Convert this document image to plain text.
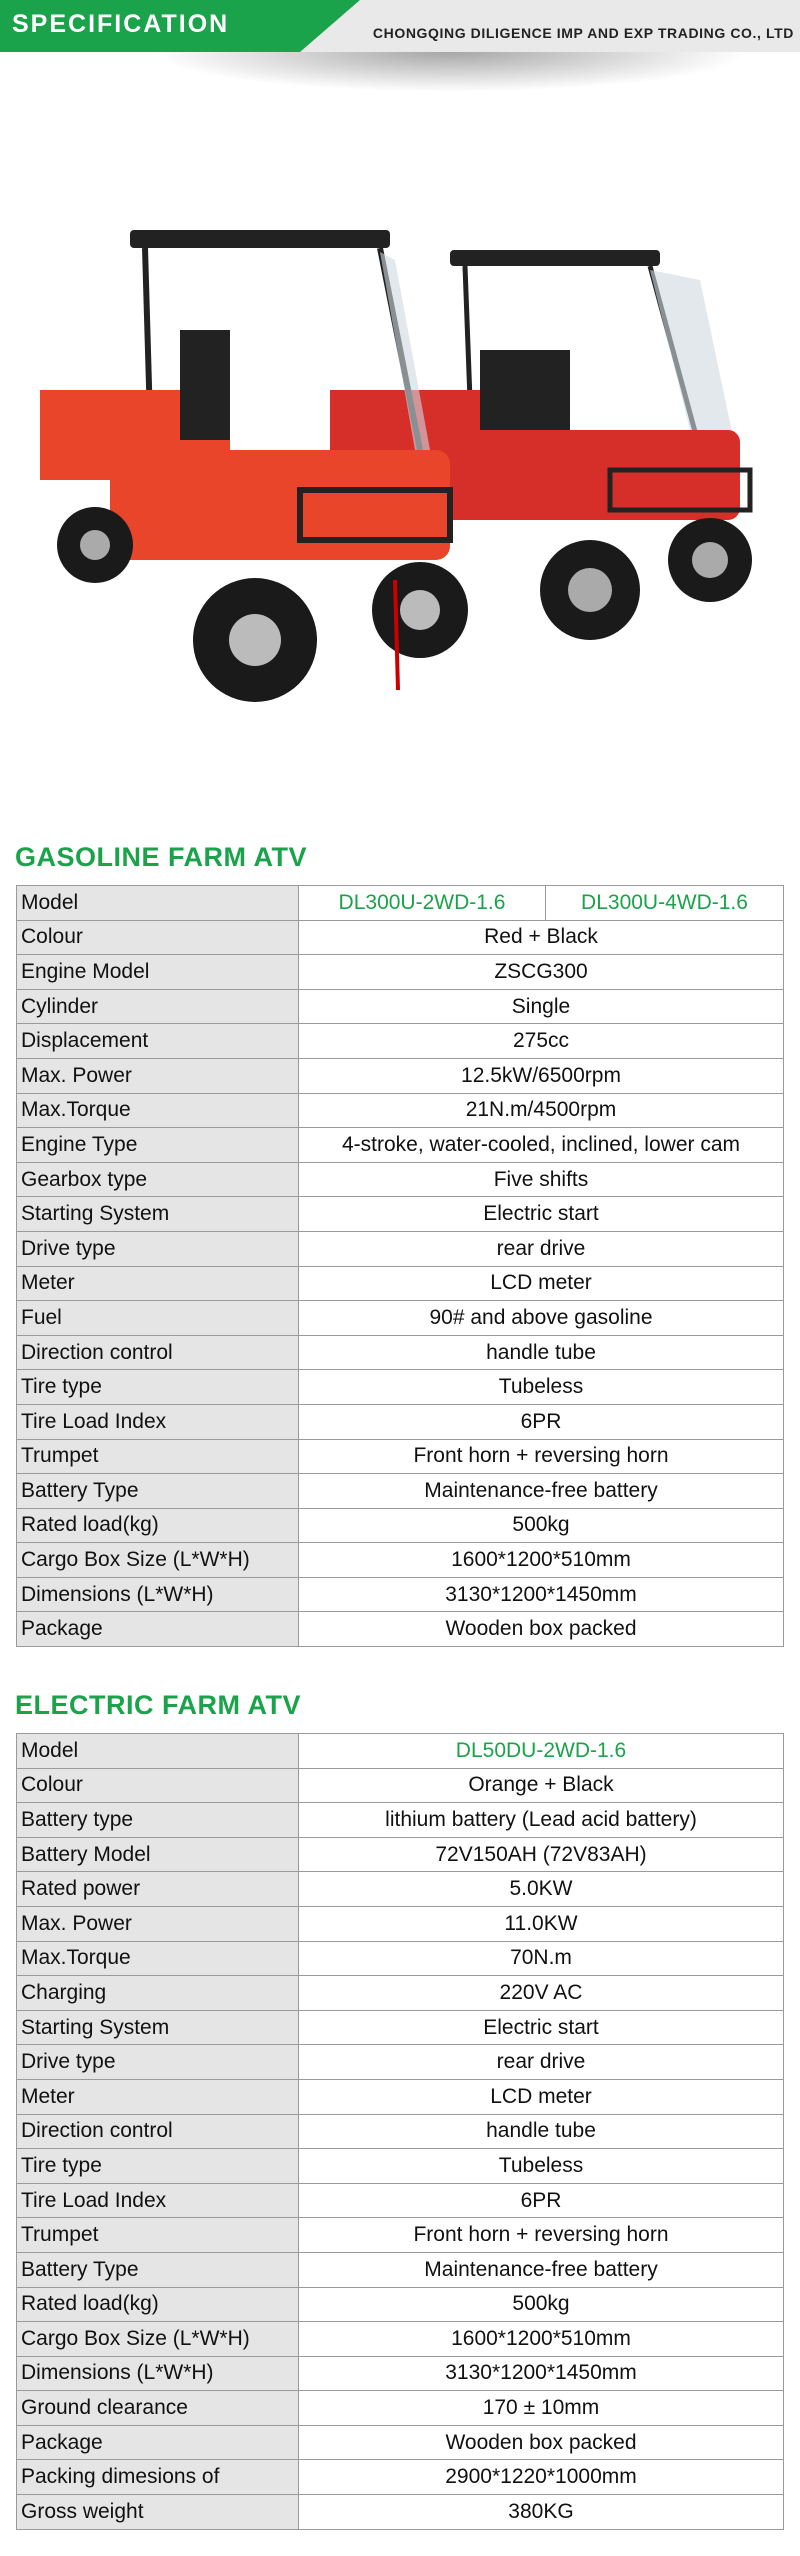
SPECIFICATION	CHONGQING DILIGENCE IMP AND EXP TRADING CO., LTD
GASOLINE FARM ATV
Model	DL300U-2WD-1.6	DL300U-4WD-1.6
Colour	Red + Black	
Engine Model	ZSCG300	
Cylinder	Single	
Displacement	275cc	
Max. Power	12.5kW/6500rpm	
Max.Torque	21N.m/4500rpm	
Engine Type	4-stroke, water-cooled, inclined, lower cam	
Gearbox type	Five shifts	
Starting System	Electric start	
Drive type	rear drive	
Meter	LCD meter	
Fuel	90# and above gasoline	
Direction control	handle tube	
Tire type	Tubeless	
Tire Load Index	6PR	
Trumpet	Front horn + reversing horn	
Battery Type	Maintenance-free battery	
Rated load(kg)	500kg	
Cargo Box Size (L*W*H)	1600*1200*510mm	
Dimensions (L*W*H)	3130*1200*1450mm	
Package	Wooden box packed	
ELECTRIC FARM ATV
Model	DL50DU-2WD-1.6
Colour	Orange + Black
Battery type	lithium battery (Lead acid battery)
Battery Model	72V150AH (72V83AH)
Rated power	5.0KW
Max. Power	11.0KW
Max.Torque	70N.m
Charging	220V AC
Starting System	Electric start
Drive type	rear drive
Meter	LCD meter
Direction control	handle tube
Tire type	Tubeless
Tire Load Index	6PR
Trumpet	Front horn + reversing horn
Battery Type	Maintenance-free battery
Rated load(kg)	500kg
Cargo Box Size (L*W*H)	1600*1200*510mm
Dimensions (L*W*H)	3130*1200*1450mm
Ground clearance	170 ± 10mm
Package	Wooden box packed
Packing dimesions of	2900*1220*1000mm
Gross weight	380KG
